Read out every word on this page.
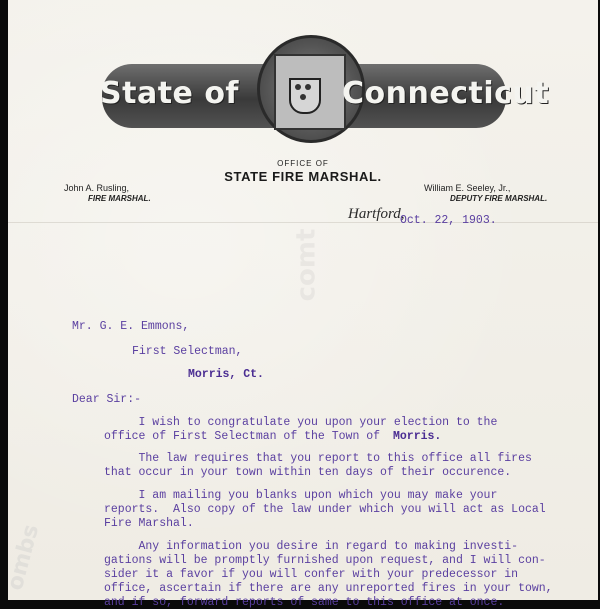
State of	Connecticut
OFFICE OF
STATE FIRE MARSHAL.
John A. Rusling,
FIRE MARSHAL.
William E. Seeley, Jr.,
DEPUTY FIRE MARSHAL.
Hartford,
Oct. 22, 1903.
comt
Mr. G. E. Emmons,
First Selectman,
Morris, Ct.
Dear Sir:-
I wish to congratulate you upon your election to the
office of First Selectman of the Town of Morris.
The law requires that you report to this office all fires
that occur in your town within ten days of their occurence.
I am mailing you blanks upon which you may make your
reports.  Also copy of the law under which you will act as Local
Fire Marshal.
Any information you desire in regard to making investi-
gations will be promptly furnished upon request, and I will con-
sider it a favor if you will confer with your predecessor in
office, ascertain if there are any unreported fires in your town,
and if so, forward reports of same to this office at once.
ombs
